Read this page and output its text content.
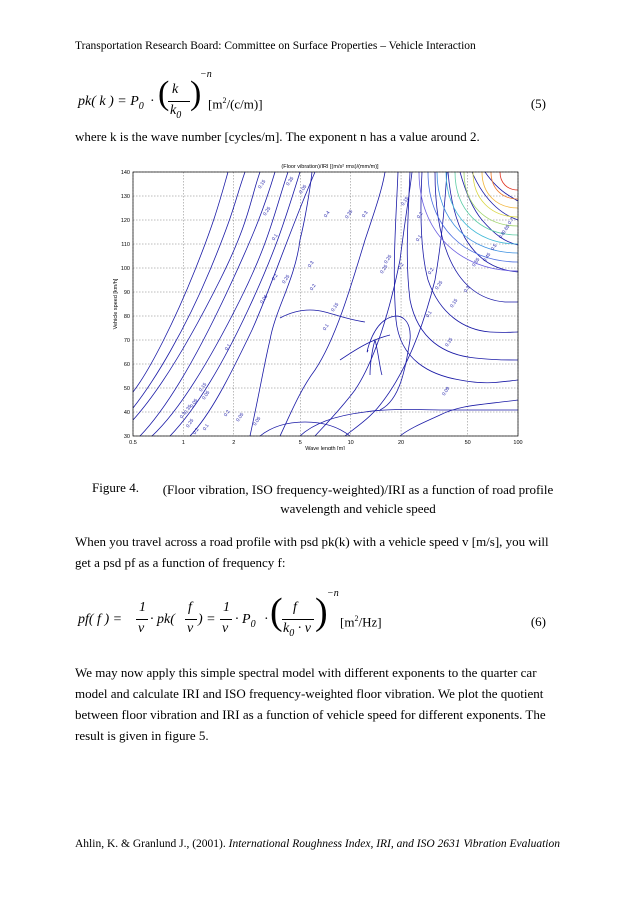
Transportation Research Board: Committee on Surface Properties – Vehicle Interaction
pk( k ) = $P_0$ · ( k
$k_0$
)
−n
$[m^2/(c/m)]$	(5)
where k is the wave number [cycles/m]. The exponent n has a value around 2.
(Floor vibration)/IRI [(m/s² rms)/(mm/m)]
0.5	1	2	5	10	20	50	100
30
40
50
60
70
80
90
100
110
120
130
140
0.35
0.15
0.25
0.1
0.06
0.05
0.2 0.25
0.3
0.2
0.15
0.1
0.2
0.1
0.05
0.15
0.05
0.05
0.35
0.3
0.25
0.2 0.1
0.05
0.4	0.35 0.3
0.25
0.15
0.2
0.1
0.2
0.25
0.15
0.3
0.55 0.45
0.5
0.6
0.65
0.7
0.15
0.25 0.2
0.1
0.09
Wave length [m]
Vehicle speed [km/h]
Figure 4. (Floor vibration, ISO frequency-weighted)/IRI as a function of road profile wavelength and vehicle speed
When you travel across a road profile with psd pk(k) with a vehicle speed v [m/s], you will get a psd pf as a function of frequency f:
pf( f ) =
1
v
· pk(
f
v
) =
1
v
· $P_0$ · ( f
$k_0 \cdot v$ ) −n
$[m^2/Hz]$	(6)
We may now apply this simple spectral model with different exponents to the quarter car model and calculate IRI and ISO frequency-weighted floor vibration. We plot the quotient between floor vibration and IRI as a function of vehicle speed for different exponents. The result is given in figure 5.
Ahlin, K. & Granlund J., (2001). International Roughness Index, IRI, and ISO 2631 Vibration Evaluation
